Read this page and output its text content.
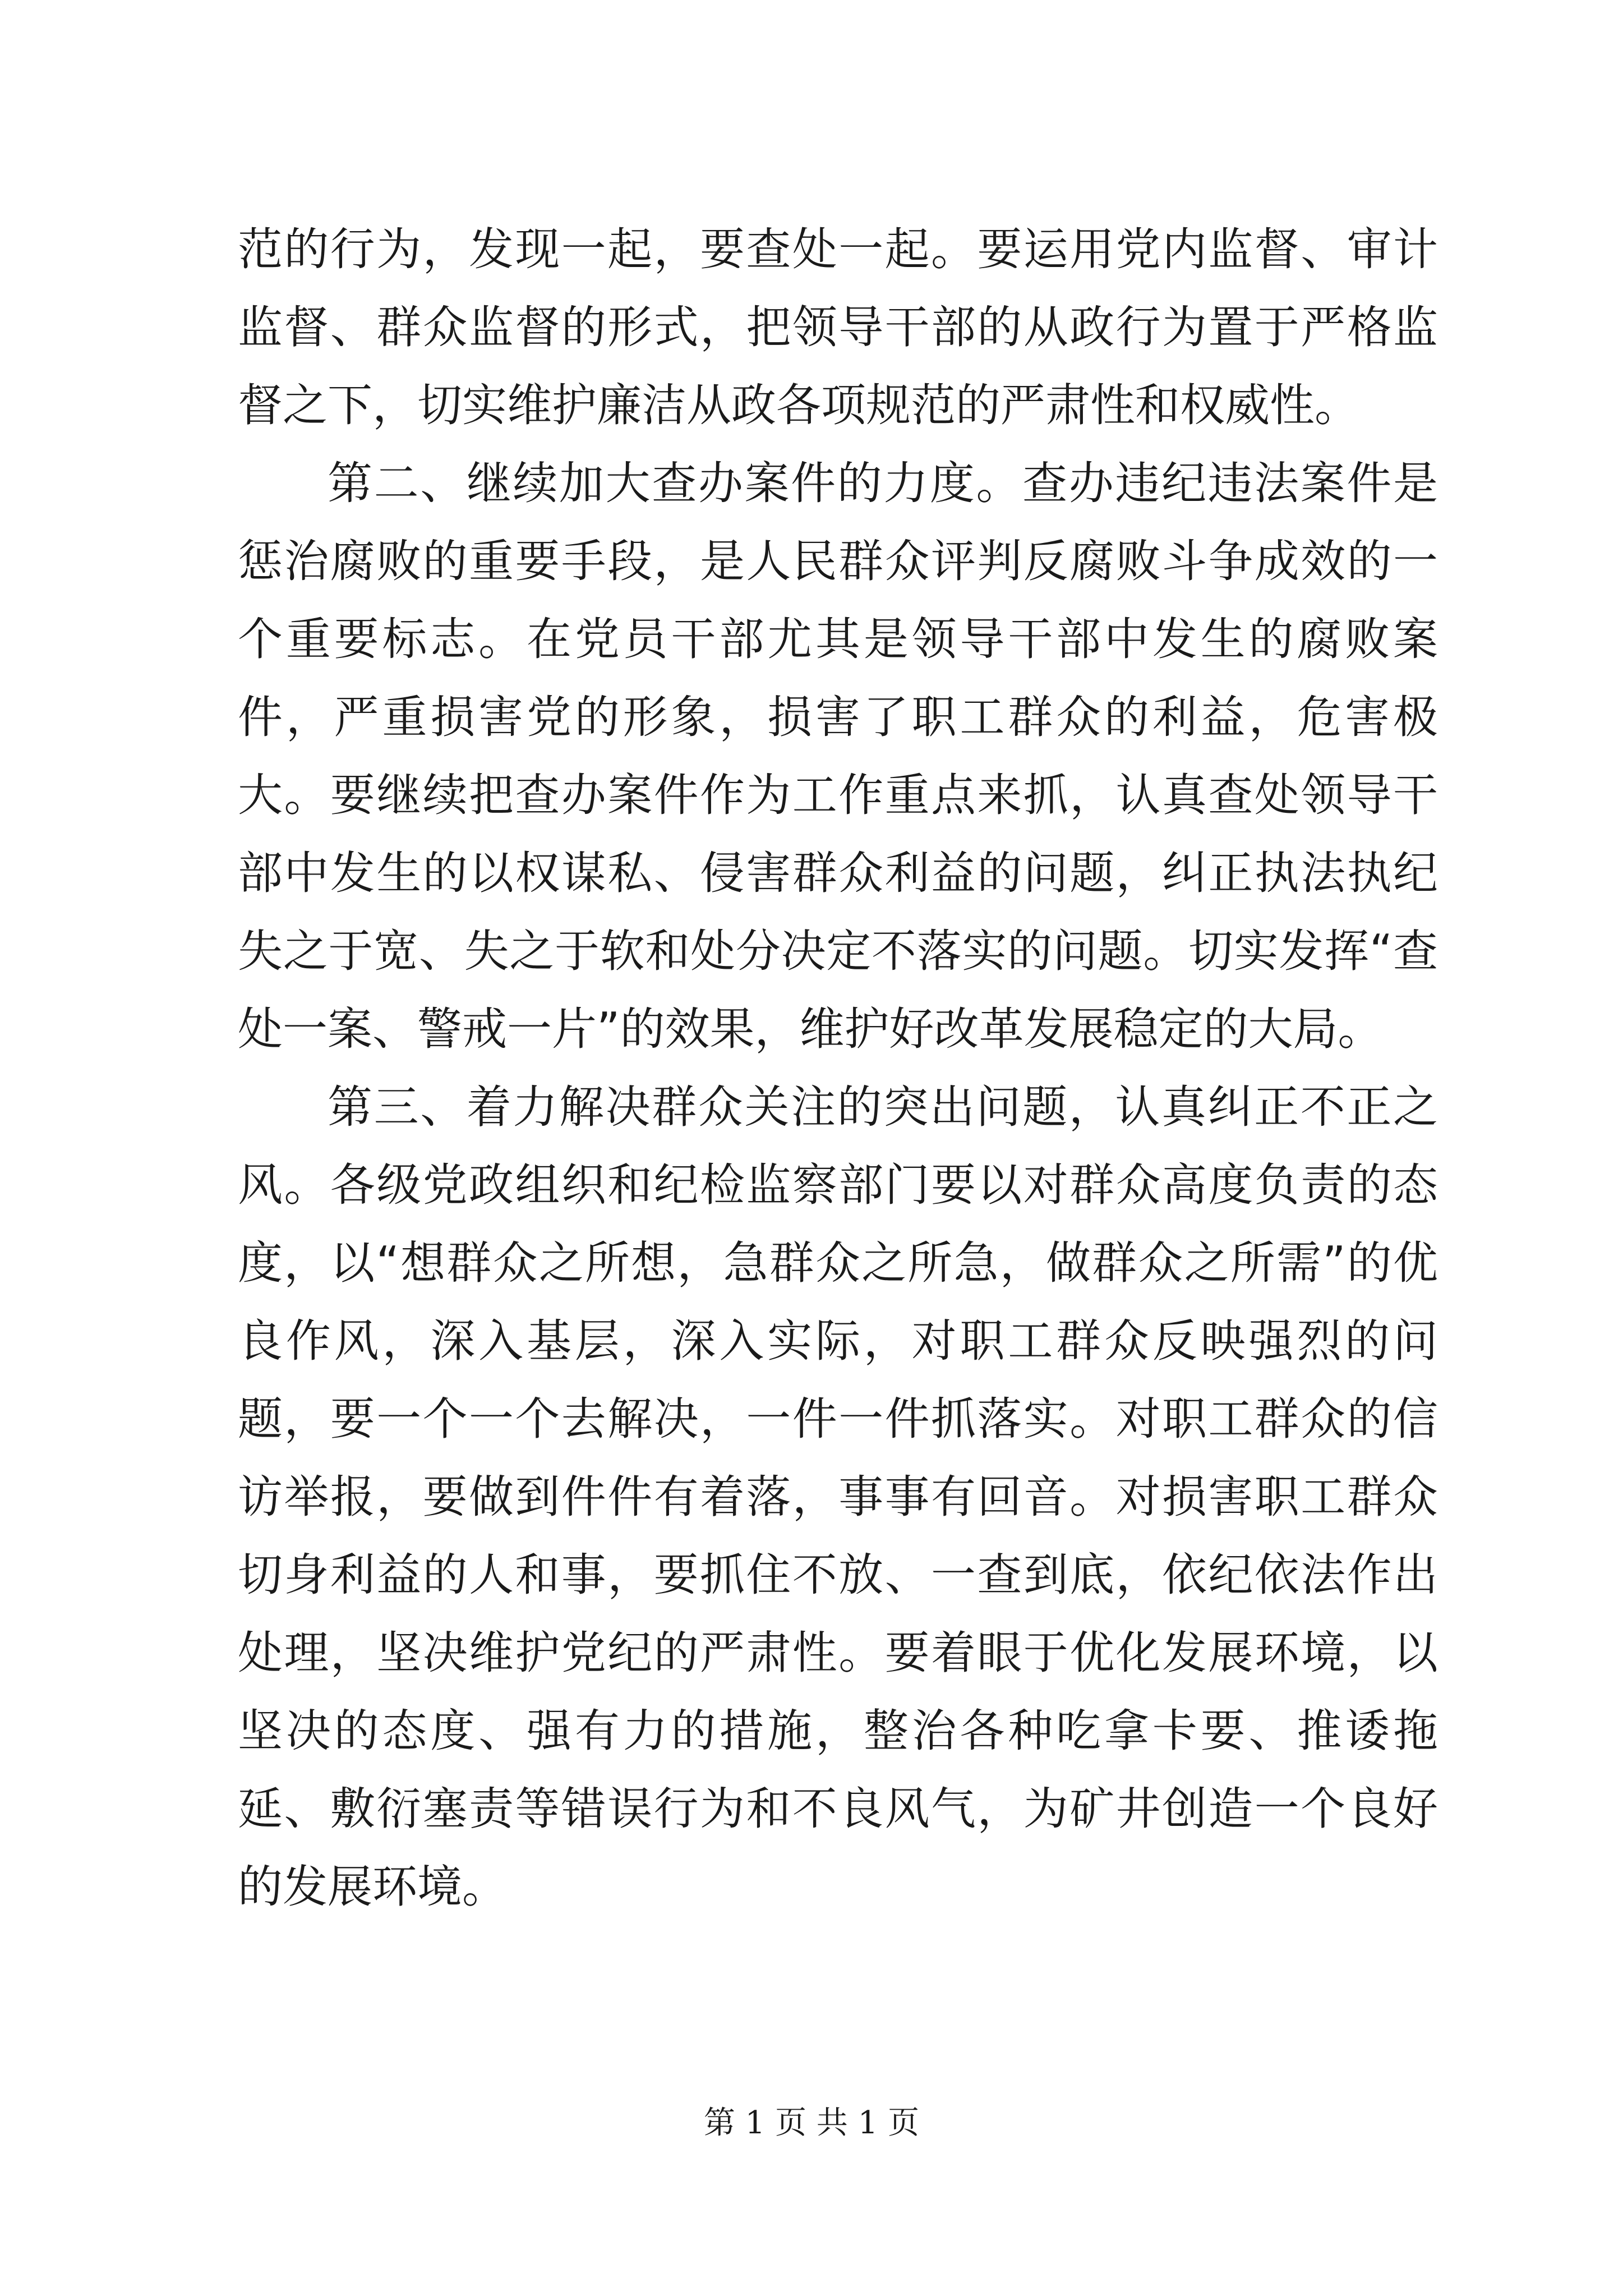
范的行为，发现一起，要查处一起。要运用党内监督、审计监督、群众监督的形式，把领导干部的从政行为置于严格监督之下，切实维护廉洁从政各项规范的严肃性和权威性。

第二、继续加大查办案件的力度。查办违纪违法案件是惩治腐败的重要手段，是人民群众评判反腐败斗争成效的一个重要标志。在党员干部尤其是领导干部中发生的腐败案件，严重损害党的形象，损害了职工群众的利益，危害极大。要继续把查办案件作为工作重点来抓，认真查处领导干部中发生的以权谋私、侵害群众利益的问题，纠正执法执纪失之于宽、失之于软和处分决定不落实的问题。切实发挥“查处一案、警戒一片”的效果，维护好改革发展稳定的大局。

第三、着力解决群众关注的突出问题，认真纠正不正之风。各级党政组织和纪检监察部门要以对群众高度负责的态度，以“想群众之所想，急群众之所急，做群众之所需”的优良作风，深入基层，深入实际，对职工群众反映强烈的问题，要一个一个去解决，一件一件抓落实。对职工群众的信访举报，要做到件件有着落，事事有回音。对损害职工群众切身利益的人和事，要抓住不放、一查到底，依纪依法作出处理，坚决维护党纪的严肃性。要着眼于优化发展环境，以坚决的态度、强有力的措施，整治各种吃拿卡要、推诿拖延、敷衍塞责等错误行为和不良风气，为矿井创造一个良好的发展环境。

第 1 页 共 1 页
